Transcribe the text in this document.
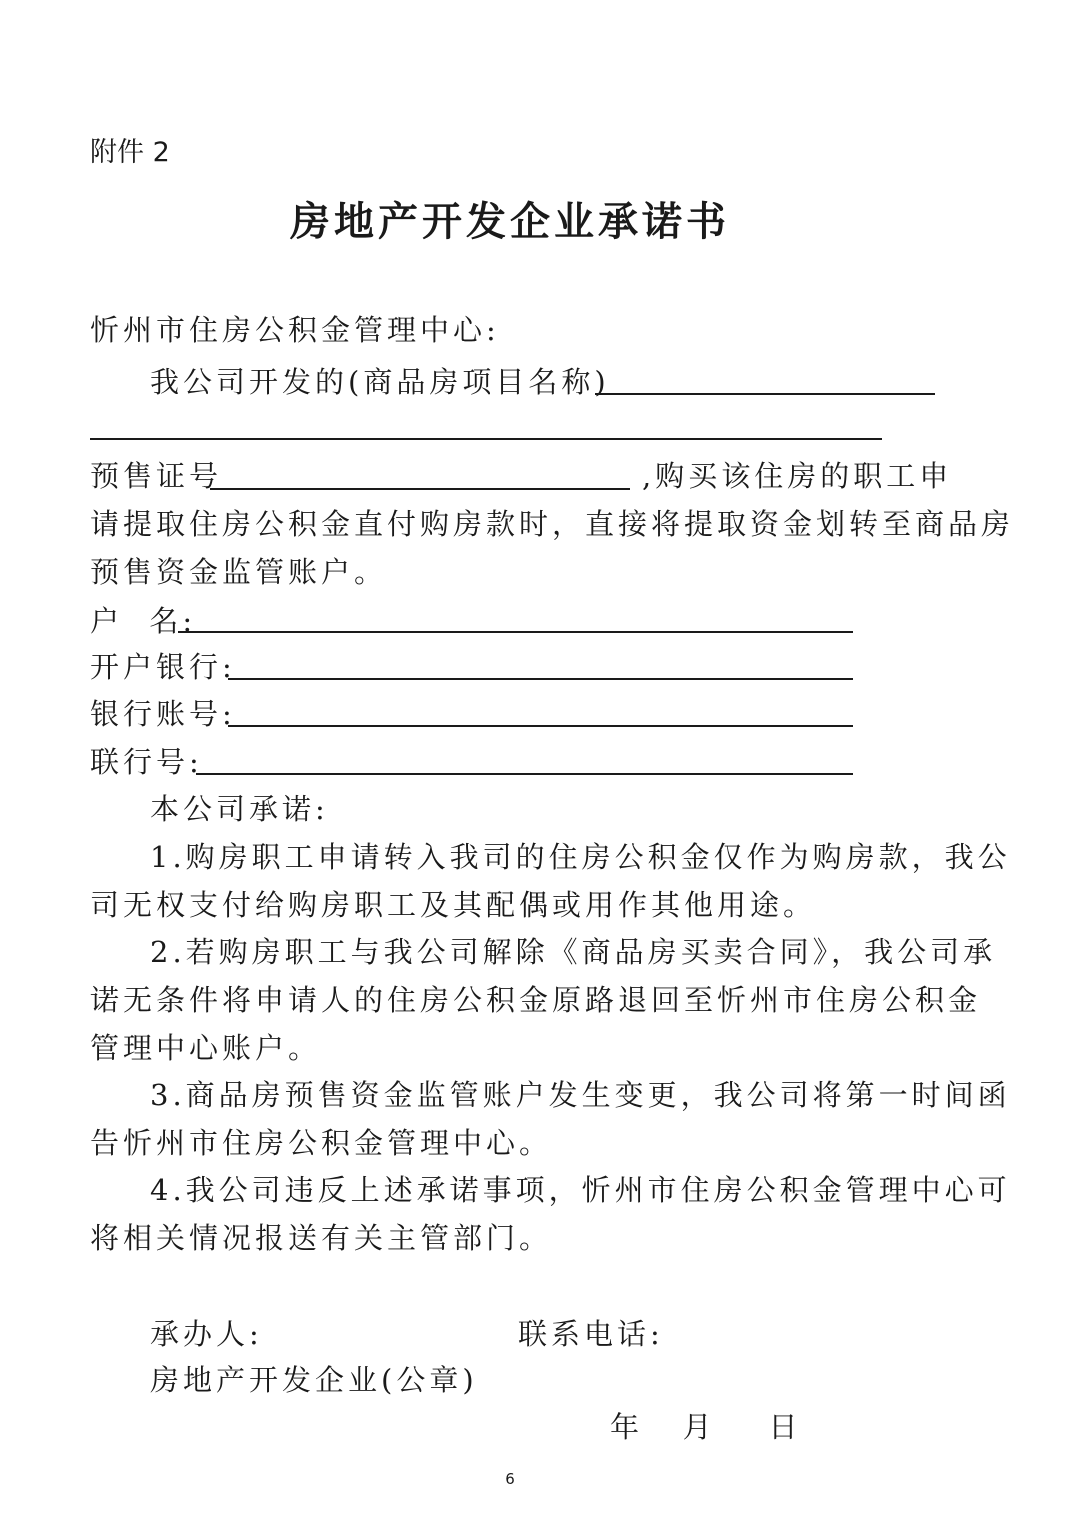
附件 2
房地产开发企业承诺书
忻州市住房公积金管理中心:
我公司开发的(商品房项目名称)
预售证号	,购买该住房的职工申
请提取住房公积金直付购房款时，直接将提取资金划转至商品房
预售资金监管账户。
户  名:
开户银行:
银行账号:
联行号:
本公司承诺:
1.购房职工申请转入我司的住房公积金仅作为购房款，我公
司无权支付给购房职工及其配偶或用作其他用途。
2.若购房职工与我公司解除《商品房买卖合同》，我公司承
诺无条件将申请人的住房公积金原路退回至忻州市住房公积金
管理中心账户。
3.商品房预售资金监管账户发生变更，我公司将第一时间函
告忻州市住房公积金管理中心。
4.我公司违反上述承诺事项，忻州市住房公积金管理中心可
将相关情况报送有关主管部门。
承办人:	联系电话:
房地产开发企业(公章)
年   月    日
6
